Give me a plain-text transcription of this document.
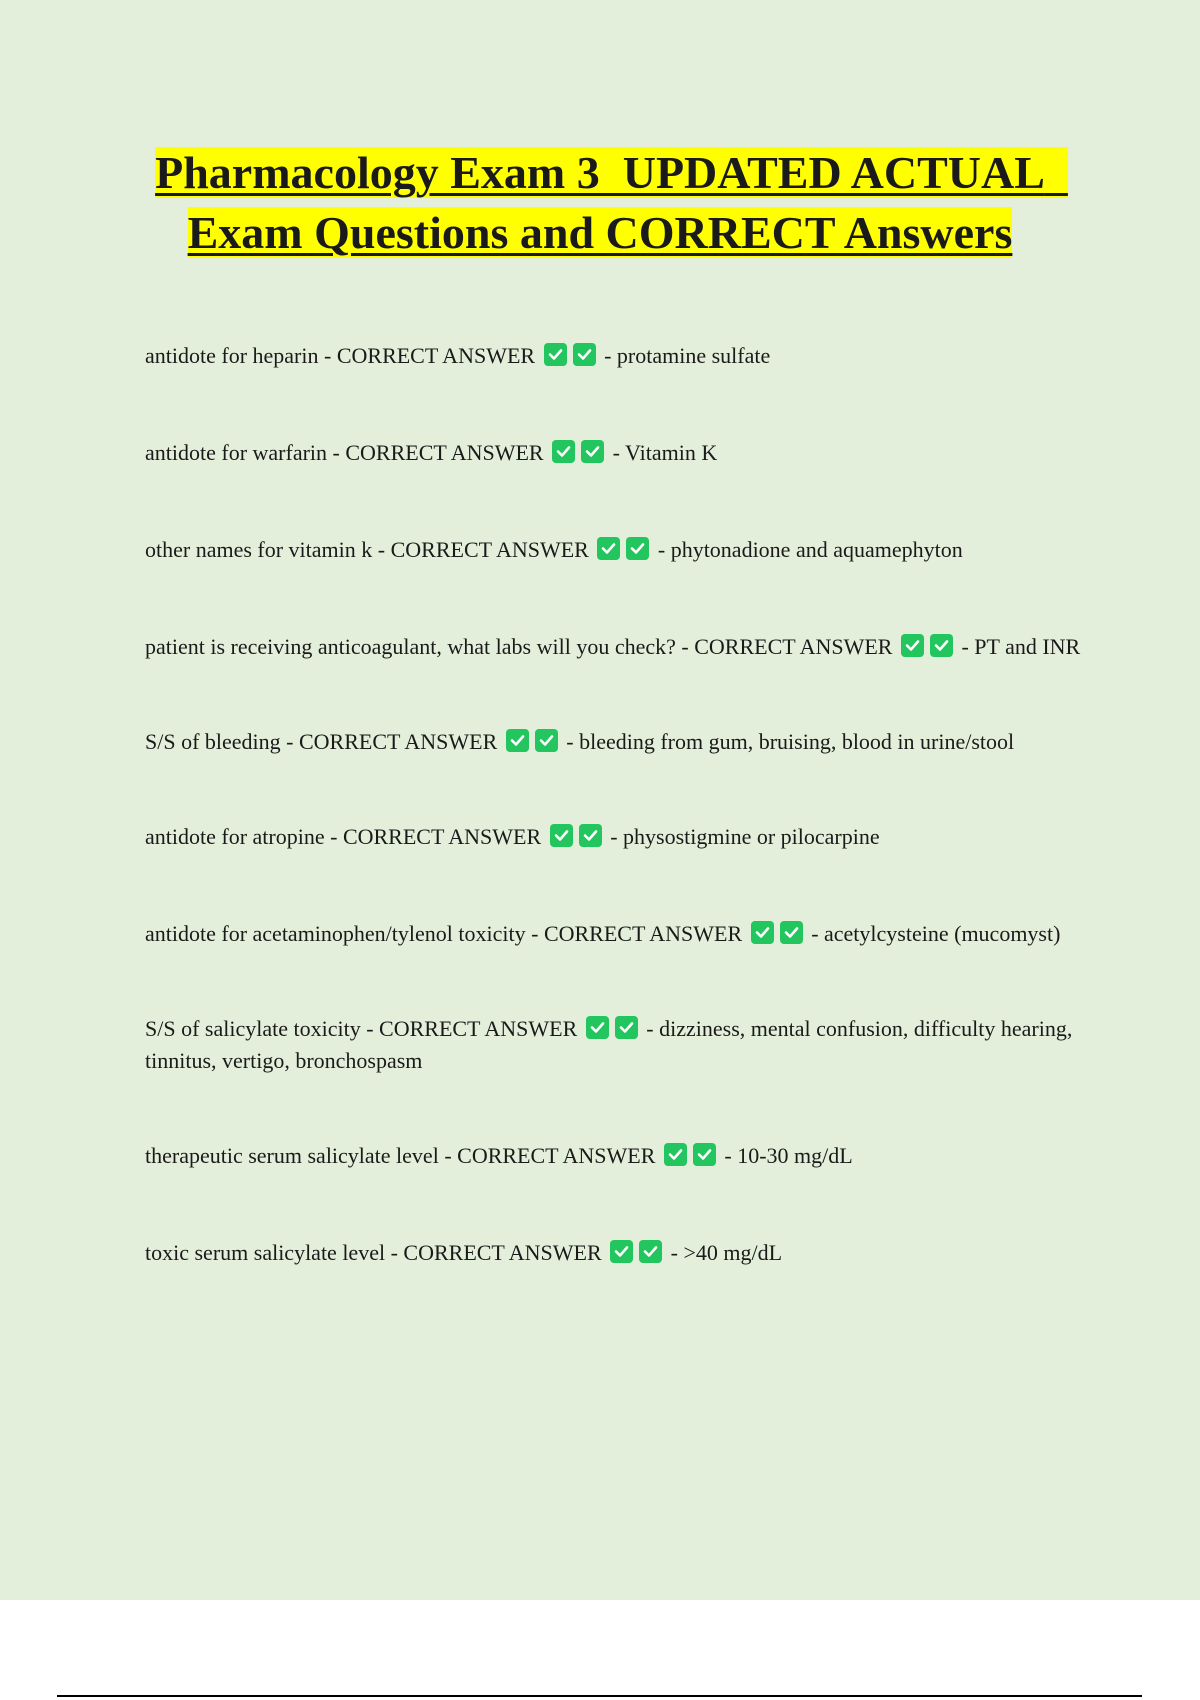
Pharmacology Exam 3  UPDATED ACTUAL  Exam Questions and CORRECT Answers
antidote for heparin - CORRECT ANSWER	- protamine sulfate
antidote for warfarin - CORRECT ANSWER	- Vitamin K
other names for vitamin k - CORRECT ANSWER	- phytonadione and aquamephyton
patient is receiving anticoagulant, what labs will you check? - CORRECT ANSWER	- PT and INR
S/S of bleeding - CORRECT ANSWER	- bleeding from gum, bruising, blood in urine/stool
antidote for atropine - CORRECT ANSWER	- physostigmine or pilocarpine
antidote for acetaminophen/tylenol toxicity - CORRECT ANSWER	- acetylcysteine (mucomyst)
S/S of salicylate toxicity - CORRECT ANSWER	- dizziness, mental confusion, difficulty hearing, tinnitus, vertigo, bronchospasm
therapeutic serum salicylate level - CORRECT ANSWER	- 10-30 mg/dL
toxic serum salicylate level - CORRECT ANSWER	- >40 mg/dL
